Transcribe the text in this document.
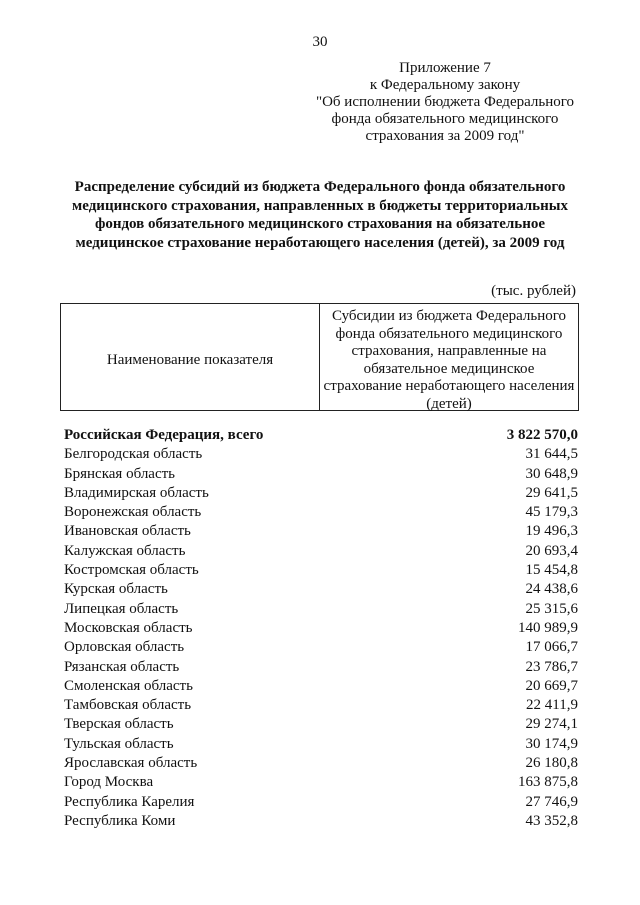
30
Приложение 7
к Федеральному закону
"Об исполнении бюджета Федерального
фонда обязательного медицинского
страхования за 2009 год"
Распределение субсидий из бюджета Федерального фонда обязательного
медицинского страхования, направленных в бюджеты территориальных
фондов обязательного медицинского страхования на обязательное
медицинское страхование неработающего населения (детей), за 2009 год
(тыс. рублей)
Наименование показателя
Субсидии из бюджета Федерального
фонда обязательного медицинского
страхования, направленные на
обязательное медицинское
страхование неработающего населения
(детей)
Российская Федерация, всего	3 822 570,0
Белгородская область	31 644,5
Брянская область	30 648,9
Владимирская область	29 641,5
Воронежская область	45 179,3
Ивановская область	19 496,3
Калужская область	20 693,4
Костромская область	15 454,8
Курская область	24 438,6
Липецкая область	25 315,6
Московская область	140 989,9
Орловская область	17 066,7
Рязанская область	23 786,7
Смоленская область	20 669,7
Тамбовская область	22 411,9
Тверская область	29 274,1
Тульская область	30 174,9
Ярославская область	26 180,8
Город Москва	163 875,8
Республика Карелия	27 746,9
Республика Коми	43 352,8
